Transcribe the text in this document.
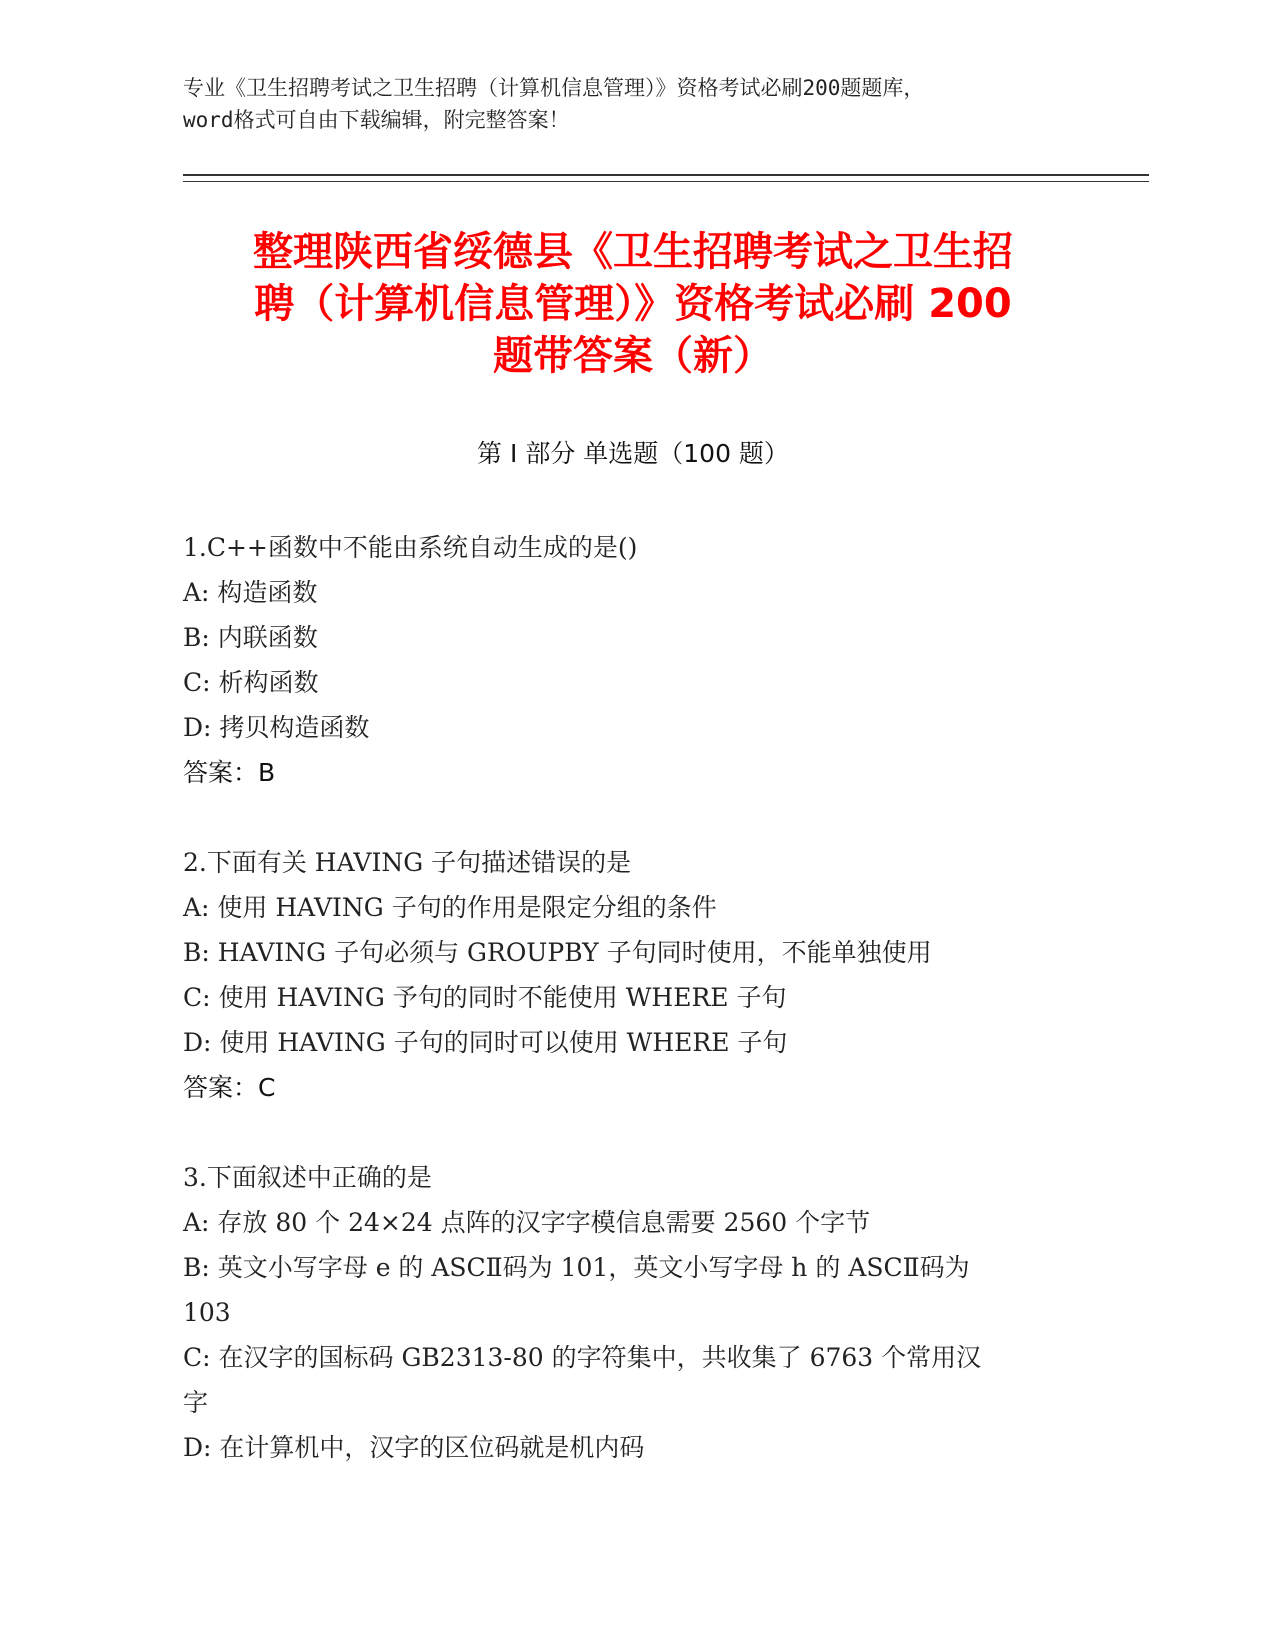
专业《卫生招聘考试之卫生招聘（计算机信息管理）》资格考试必刷200题题库，
word格式可自由下载编辑，附完整答案！
整理陕西省绥德县《卫生招聘考试之卫生招
聘（计算机信息管理）》资格考试必刷 200
题带答案（新）
第 I 部分 单选题（100 题）
1.C++函数中不能由系统自动生成的是()
A: 构造函数
B: 内联函数
C: 析构函数
D: 拷贝构造函数
答案：B
2.下面有关 HAVING 子句描述错误的是
A: 使用 HAVING 子句的作用是限定分组的条件
B: HAVING 子句必须与 GROUPBY 子句同时使用，不能单独使用
C: 使用 HAVING 予句的同时不能使用 WHERE 子句
D: 使用 HAVING 子句的同时可以使用 WHERE 子句
答案：C
3.下面叙述中正确的是
A: 存放 80 个 24×24 点阵的汉字字模信息需要 2560 个字节
B: 英文小写字母 e 的 ASCⅡ码为 101，英文小写字母 h 的 ASCⅡ码为
103
C: 在汉字的国标码 GB2313-80 的字符集中，共收集了 6763 个常用汉
字
D: 在计算机中，汉字的区位码就是机内码
